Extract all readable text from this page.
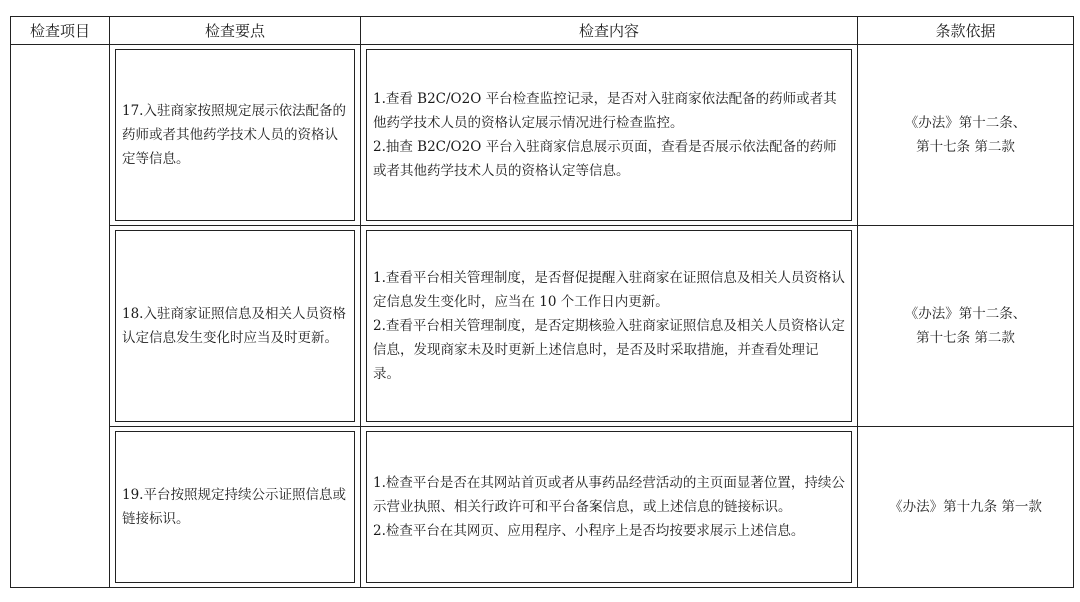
检查项目	检查要点	检查内容	条款依据

	17.入驻商家按照规定展示依法配备的药师或者其他药学技术人员的资格认定等信息。	1.查看 B2C/O2O 平台检查监控记录，是否对入驻商家依法配备的药师或者其他药学技术人员的资格认定展示情况进行检查监控。
2.抽查 B2C/O2O 平台入驻商家信息展示页面，查看是否展示依法配备的药师或者其他药学技术人员的资格认定等信息。	《办法》第十二条、
第十七条 第二款

	18.入驻商家证照信息及相关人员资格认定信息发生变化时应当及时更新。	1.查看平台相关管理制度，是否督促提醒入驻商家在证照信息及相关人员资格认定信息发生变化时，应当在 10 个工作日内更新。
2.查看平台相关管理制度，是否定期核验入驻商家证照信息及相关人员资格认定信息，发现商家未及时更新上述信息时，是否及时采取措施，并查看处理记录。	《办法》第十二条、
第十七条 第二款

	19.平台按照规定持续公示证照信息或链接标识。	1.检查平台是否在其网站首页或者从事药品经营活动的主页面显著位置，持续公示营业执照、相关行政许可和平台备案信息，或上述信息的链接标识。
2.检查平台在其网页、应用程序、小程序上是否均按要求展示上述信息。	《办法》第十九条 第一款
